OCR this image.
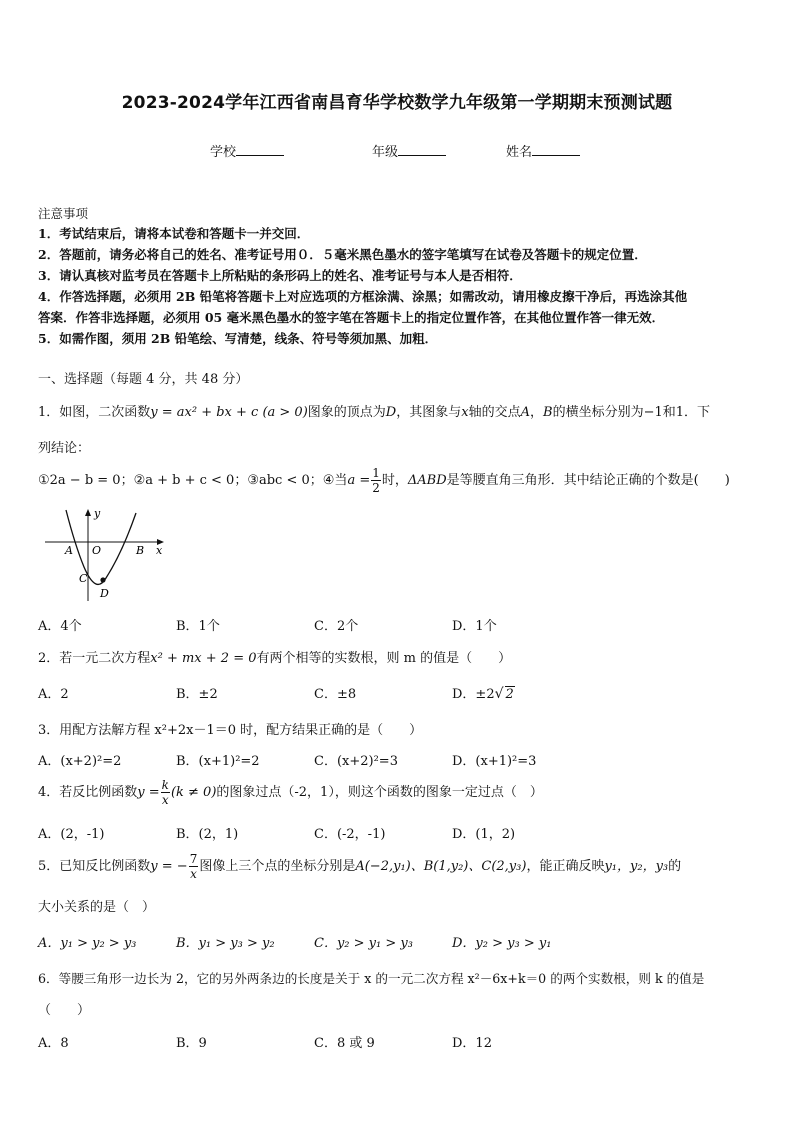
2023-2024学年江西省南昌育华学校数学九年级第一学期期末预测试题
学校	年级	姓名
注意事项
1．考试结束后，请将本试卷和答题卡一并交回．
2．答题前，请务必将自己的姓名、准考证号用０．５毫米黑色墨水的签字笔填写在试卷及答题卡的规定位置．
3．请认真核对监考员在答题卡上所粘贴的条形码上的姓名、准考证号与本人是否相符．
4．作答选择题，必须用 2B 铅笔将答题卡上对应选项的方框涂满、涂黑；如需改动，请用橡皮擦干净后，再选涂其他
答案．作答非选择题，必须用 05 毫米黑色墨水的签字笔在答题卡上的指定位置作答，在其他位置作答一律无效．
5．如需作图，须用 2B 铅笔绘、写清楚，线条、符号等须加黑、加粗．
一、选择题（每题 4 分，共 48 分）
1．如图，二次函数y = ax² + bx + c (a > 0)图象的顶点为D，其图象与x轴的交点A，B的横坐标分别为−1和1．下
列结论：
①2a − b = 0；②a + b + c < 0；③abc < 0；④当$a = \frac{1}{2}$ 时，ΔABD是等腰直角三角形．其中结论正确的个数是(　　)
y
A O	B x
C
D
A．4个	B．1个	C．2个	D．1个
2．若一元二次方程x² + mx + 2 = 0有两个相等的实数根，则 m 的值是（　　）
A．2	B．±2	C．±8	D．±2√ 2
3．用配方法解方程 x²+2x－1＝0 时，配方结果正确的是（　　）
A．(x+2)²=2	B．(x+1)²=2	C．(x+2)²=3	D．(x+1)²=3
4．若反比例函数$y = \frac{k}{x} (k \ne 0)$的图象过点（-2，1），则这个函数的图象一定过点（　）
A．(2，-1)	B．(2，1)	C．(-2，-1)	D．(1，2)
5．已知反比例函数y = − $\frac{7}{x}$ 图像上三个点的坐标分别是A(−2,y₁)、B(1,y₂)、C(2,y₃)，能正确反映y₁，y₂，y₃的
大小关系的是（　）
A．y₁ > y₂ > y₃	B．y₁ > y₃ > y₂	C．y₂ > y₁ > y₃	D．y₂ > y₃ > y₁
6．等腰三角形一边长为 2，它的另外两条边的长度是关于 x 的一元二次方程 x²－6x+k＝0 的两个实数根，则 k 的值是
（　　）
A．8	B．9	C．8 或 9	D．12
